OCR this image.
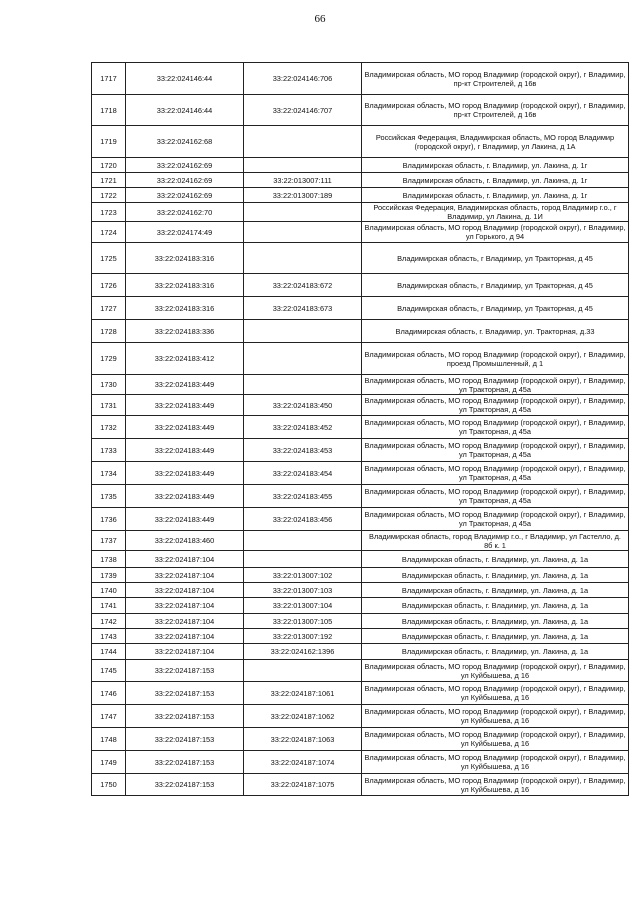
66
1717	33:22:024146:44	33:22:024146:706	Владимирская область, МО город Владимир (городской округ), г Владимир, пр-кт Строителей, д 16в
1718	33:22:024146:44	33:22:024146:707	Владимирская область, МО город Владимир (городской округ), г Владимир, пр-кт Строителей, д 16в
1719	33:22:024162:68		Российская Федерация, Владимирская область, МО город Владимир (городской округ), г Владимир, ул Лакина, д 1А
1720	33:22:024162:69		Владимирская область, г. Владимир, ул. Лакина, д. 1г
1721	33:22:024162:69	33:22:013007:111	Владимирская область, г. Владимир, ул. Лакина, д. 1г
1722	33:22:024162:69	33:22:013007:189	Владимирская область, г. Владимир, ул. Лакина, д. 1г
1723	33:22:024162:70		Российская Федерация, Владимирская область, город Владимир г.о., г Владимир, ул Лакина, д. 1И
1724	33:22:024174:49		Владимирская область, МО город Владимир (городской округ), г Владимир, ул Горького, д 94
1725	33:22:024183:316		Владимирская область, г Владимир, ул Тракторная, д 45
1726	33:22:024183:316	33:22:024183:672	Владимирская область, г Владимир, ул Тракторная, д 45
1727	33:22:024183:316	33:22:024183:673	Владимирская область, г Владимир, ул Тракторная, д 45
1728	33:22:024183:336		Владимирская область, г. Владимир, ул. Тракторная, д.33
1729	33:22:024183:412		Владимирская область, МО город Владимир (городской округ), г Владимир, проезд Промышленный, д 1
1730	33:22:024183:449		Владимирская область, МО город Владимир (городской округ), г Владимир, ул Тракторная, д 45а
1731	33:22:024183:449	33:22:024183:450	Владимирская область, МО город Владимир (городской округ), г Владимир, ул Тракторная, д 45а
1732	33:22:024183:449	33:22:024183:452	Владимирская область, МО город Владимир (городской округ), г Владимир, ул Тракторная, д 45а
1733	33:22:024183:449	33:22:024183:453	Владимирская область, МО город Владимир (городской округ), г Владимир, ул Тракторная, д 45а
1734	33:22:024183:449	33:22:024183:454	Владимирская область, МО город Владимир (городской округ), г Владимир, ул Тракторная, д 45а
1735	33:22:024183:449	33:22:024183:455	Владимирская область, МО город Владимир (городской округ), г Владимир, ул Тракторная, д 45а
1736	33:22:024183:449	33:22:024183:456	Владимирская область, МО город Владимир (городской округ), г Владимир, ул Тракторная, д 45а
1737	33:22:024183:460		Владимирская область, город Владимир г.о., г Владимир, ул Гастелло, д. 8б к. 1
1738	33:22:024187:104		Владимирская область, г. Владимир, ул. Лакина, д. 1а
1739	33:22:024187:104	33:22:013007:102	Владимирская область, г. Владимир, ул. Лакина, д. 1а
1740	33:22:024187:104	33:22:013007:103	Владимирская область, г. Владимир, ул. Лакина, д. 1а
1741	33:22:024187:104	33:22:013007:104	Владимирская область, г. Владимир, ул. Лакина, д. 1а
1742	33:22:024187:104	33:22:013007:105	Владимирская область, г. Владимир, ул. Лакина, д. 1а
1743	33:22:024187:104	33:22:013007:192	Владимирская область, г. Владимир, ул. Лакина, д. 1а
1744	33:22:024187:104	33:22:024162:1396	Владимирская область, г. Владимир, ул. Лакина, д. 1а
1745	33:22:024187:153		Владимирская область, МО город Владимир (городской округ), г Владимир, ул Куйбышева, д 16
1746	33:22:024187:153	33:22:024187:1061	Владимирская область, МО город Владимир (городской округ), г Владимир, ул Куйбышева, д 16
1747	33:22:024187:153	33:22:024187:1062	Владимирская область, МО город Владимир (городской округ), г Владимир, ул Куйбышева, д 16
1748	33:22:024187:153	33:22:024187:1063	Владимирская область, МО город Владимир (городской округ), г Владимир, ул Куйбышева, д 16
1749	33:22:024187:153	33:22:024187:1074	Владимирская область, МО город Владимир (городской округ), г Владимир, ул Куйбышева, д 16
1750	33:22:024187:153	33:22:024187:1075	Владимирская область, МО город Владимир (городской округ), г Владимир, ул Куйбышева, д 16
